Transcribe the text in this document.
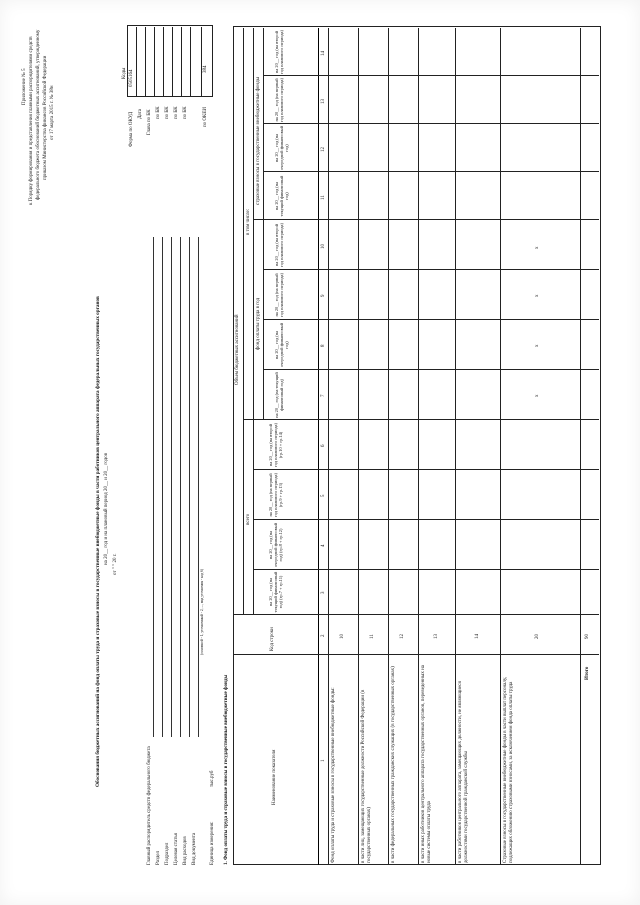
Приложение № 5 к Порядку формирования и представления главными распорядителями средств федерального бюджета обоснований бюджетных ассигнований, утвержденному приказом Министерства финансов Российской Федерации от 17 марта 2015 г. № 38н
Обоснования бюджетных ассигнований на фонд оплаты труда и страховые взносы в государственные внебюджетные фонды в части работников центрального аппарата федеральных государственных органов на 20__ год и на плановый период 20__ и 20__ годов от " " 20 г.
Коды 0505164
Форма по ОКУД Дата Глава по БК по БК по БК по БК по БК	по ОКЕИ
384
Главный распорядитель средств федерального бюджета Раздел Подраздел Целевая статья Вид расходов Вид документа
(основной - 1, уточненный - 2, ..., вид уточнения - код 6)
Единица измерения:
тыс.руб 1. Фонд оплаты труда и страховые взносы в государственные внебюджетные фонды	Наименование показателя
Код строки
Объем бюджетных ассигнований
всего
в том числе:
фонд оплаты труда в год
страховые взносы в государственные внебюджетные фонды
на 20__ год (на текущий финансовый год) (гр.7 + гр.11)
на 20__ год (на очередной финансовый год) (гр.8 + гр.12)
на 20__ год (на первый год планового периода) (гр.9 + гр.13)
на 20__ год (на второй год планового периода) (гр.10 + гр.14)
на 20__ год (на текущий финансовый год)
на 20__ год (на очередной финансовый год)
на 20__ год (на первый год планового периода)
на 20__ год (на второй год планового периода)
на 20__ год (на текущий финансовый год)
на 20__ год (на очередной финансовый год)
на 20__ год (на первый год планового периода)
на 20__ год (на второй год планового периода)
1
2
3
4
5
6
7
8
9
10
11
12
13
14
Фонд оплаты труда и страховые взносы в государственные внебюджетные фонды:
10
в части лиц, замещающих государственные должности Российской Федерации (в государственных органах)
11
в части федеральных государственных гражданских служащих (в государственных органах)
12
в части иных работников центрального аппарата государственных органов, переведенных на новые системы оплаты труда
13
в части работников центрального аппарата, замещающих должности, не являющиеся должностями государственной гражданской службы
14
Страховые взносы в государственные внебюджетные фонды в части выплат персоналу, подлежащих обложению страховыми взносами, за исключением фонда оплаты труда
20
x
x
x
x
Итого
90
